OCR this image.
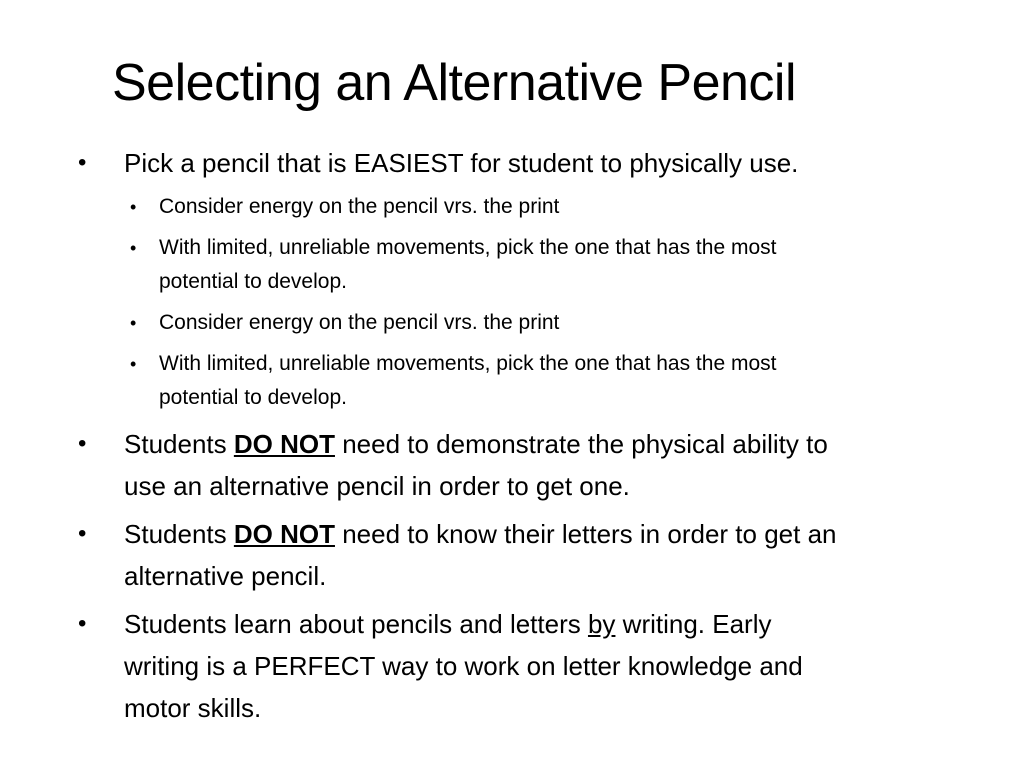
Selecting an Alternative Pencil
• Pick a pencil that is EASIEST for student to physically use.
• Consider energy on the pencil vrs. the print
• With limited, unreliable movements, pick the one that has the most
potential to develop.
• Consider energy on the pencil vrs. the print
• With limited, unreliable movements, pick the one that has the most
potential to develop.
• Students DO NOT need to demonstrate the physical ability to
use an alternative pencil in order to get one.
• Students DO NOT need to know their letters in order to get an
alternative pencil.
• Students learn about pencils and letters by writing. Early
writing is a PERFECT way to work on letter knowledge and
motor skills.
